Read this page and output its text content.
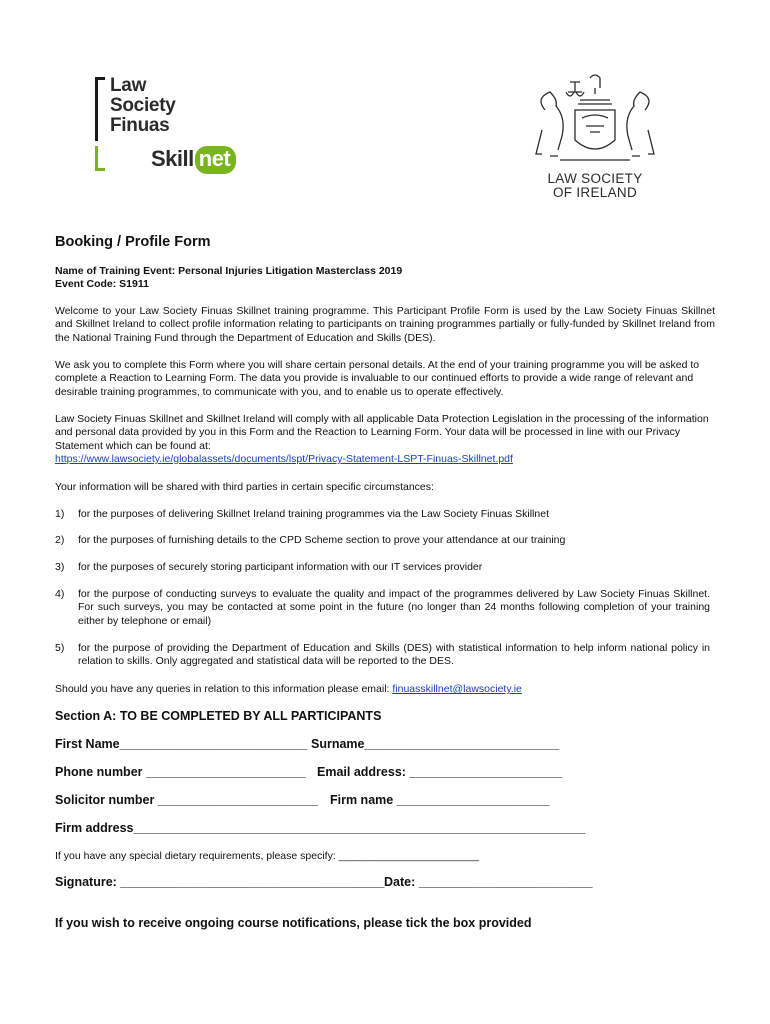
Law
Society
Finuas
Skill net
LAW SOCIETY
OF IRELAND
Booking / Profile Form
Name of Training Event: Personal Injuries Litigation Masterclass 2019
Event Code: S1911
Welcome to your Law Society Finuas Skillnet training programme. This Participant Profile Form is used by the Law Society Finuas Skillnet and Skillnet Ireland to collect profile information relating to participants on training programmes partially or fully-funded by Skillnet Ireland from the National Training Fund through the Department of Education and Skills (DES).
We ask you to complete this Form where you will share certain personal details. At the end of your training programme you will be asked to complete a Reaction to Learning Form. The data you provide is invaluable to our continued efforts to provide a wide range of relevant and desirable training programmes, to communicate with you, and to enable us to operate effectively.
Law Society Finuas Skillnet and Skillnet Ireland will comply with all applicable Data Protection Legislation in the processing of the information and personal data provided by you in this Form and the Reaction to Learning Form. Your data will be processed in line with our Privacy Statement which can be found at:
https://www.lawsociety.ie/globalassets/documents/lspt/Privacy-Statement-LSPT-Finuas-Skillnet.pdf
Your information will be shared with third parties in certain specific circumstances:
1)	for the purposes of delivering Skillnet Ireland training programmes via the Law Society Finuas Skillnet
2)	for the purposes of furnishing details to the CPD Scheme section to prove your attendance at our training
3)	for the purposes of securely storing participant information with our IT services provider
4)	for the purpose of conducting surveys to evaluate the quality and impact of the programmes delivered by Law Society Finuas Skillnet. For such surveys, you may be contacted at some point in the future (no longer than 24 months following completion of your training either by telephone or email)
5)	for the purpose of providing the Department of Education and Skills (DES) with statistical information to help inform national policy in relation to skills. Only aggregated and statistical data will be reported to the DES.
Should you have any queries in relation to this information please email: finuasskillnet@lawsociety.ie
Section A: TO BE COMPLETED BY ALL PARTICIPANTS
First Name___________________________ Surname____________________________
Phone number _______________________ Email address: ______________________
Solicitor number _______________________ Firm name ______________________
Firm address_________________________________________________________________
If you have any special dietary requirements, please specify: ________________________
Signature: ______________________________________ Date: _________________________
If you wish to receive ongoing course notifications, please tick the box provided
